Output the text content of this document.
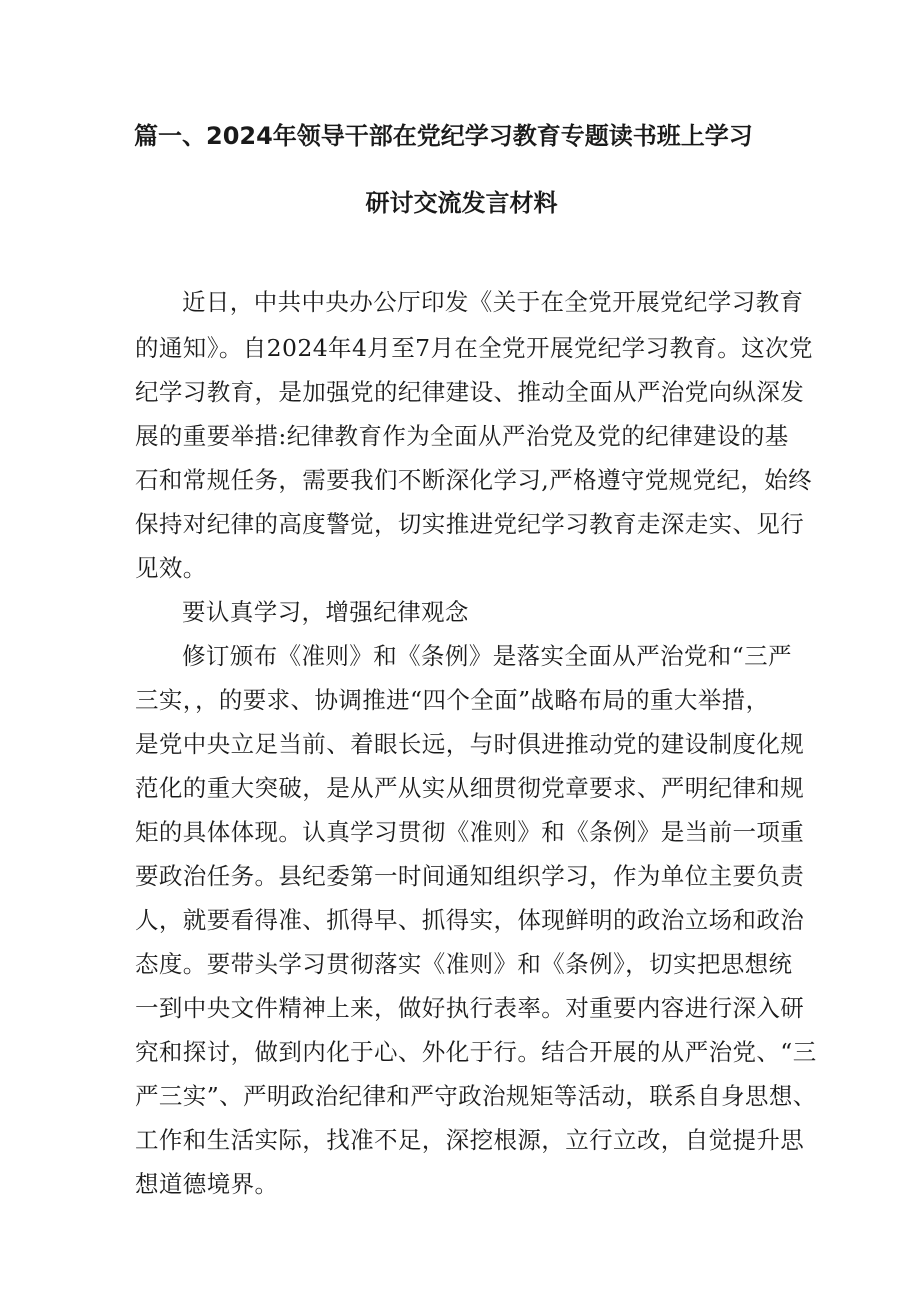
篇一、2024年领导干部在党纪学习教育专题读书班上学习
研讨交流发言材料
近日，中共中央办公厅印发《关于在全党开展党纪学习教育
的通知》。自2024年4月至7月在全党开展党纪学习教育。这次党
纪学习教育，是加强党的纪律建设、推动全面从严治党向纵深发
展的重要举措:纪律教育作为全面从严治党及党的纪律建设的基
石和常规任务，需要我们不断深化学习,严格遵守党规党纪，始终
保持对纪律的高度警觉，切实推进党纪学习教育走深走实、见行
见效。
要认真学习，增强纪律观念
修订颁布《准则》和《条例》是落实全面从严治党和“三严
三实，，的要求、协调推进“四个全面”战略布局的重大举措，
是党中央立足当前、着眼长远，与时俱进推动党的建设制度化规
范化的重大突破，是从严从实从细贯彻党章要求、严明纪律和规
矩的具体体现。认真学习贯彻《准则》和《条例》是当前一项重
要政治任务。县纪委第一时间通知组织学习，作为单位主要负责
人，就要看得准、抓得早、抓得实，体现鲜明的政治立场和政治
态度。要带头学习贯彻落实《准则》和《条例》，切实把思想统
一到中央文件精神上来，做好执行表率。对重要内容进行深入研
究和探讨，做到内化于心、外化于行。结合开展的从严治党、“三
严三实”、严明政治纪律和严守政治规矩等活动，联系自身思想、
工作和生活实际，找准不足，深挖根源，立行立改，自觉提升思
想道德境界。
